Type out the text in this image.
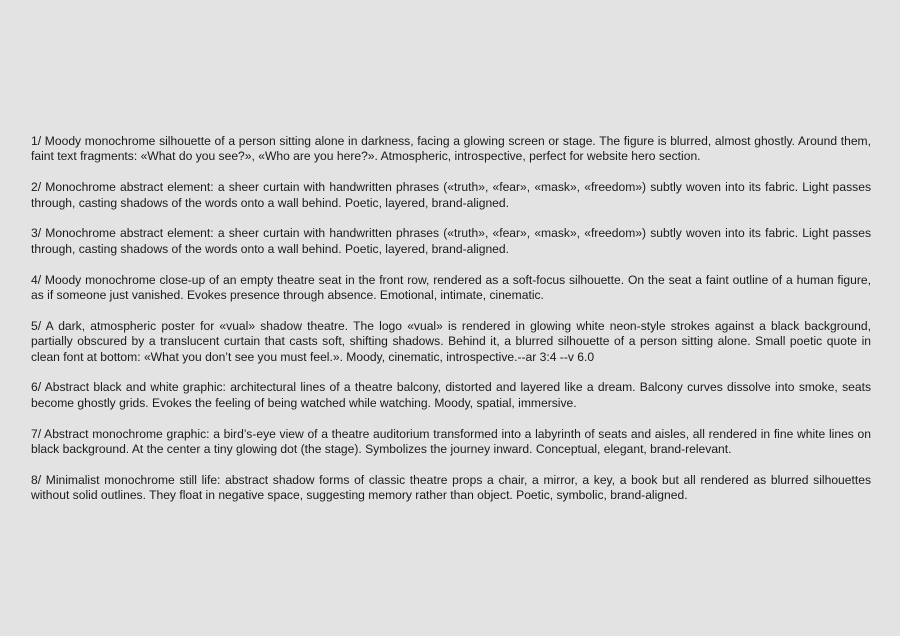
1/ Moody monochrome silhouette of a person sitting alone in darkness, facing a glowing screen or stage. The figure is blurred, almost ghostly. Around them, faint text fragments: «What do you see?», «Who are you here?». Atmospheric, introspective, perfect for website hero section.

2/ Monochrome abstract element: a sheer curtain with handwritten phrases («truth», «fear», «mask», «freedom») subtly woven into its fabric. Light passes through, casting shadows of the words onto a wall behind. Poetic, layered, brand-aligned.

3/ Monochrome abstract element: a sheer curtain with handwritten phrases («truth», «fear», «mask», «freedom») subtly woven into its fabric. Light passes through, casting shadows of the words onto a wall behind. Poetic, layered, brand-aligned.

4/ Moody monochrome close-up of an empty theatre seat in the front row, rendered as a soft-focus silhouette. On the seat a faint outline of a human figure, as if someone just vanished. Evokes presence through absence. Emotional, intimate, cinematic.

5/ A dark, atmospheric poster for «vual» shadow theatre. The logo «vual» is rendered in glowing white neon-style strokes against a black background, partially obscured by a translucent curtain that casts soft, shifting shadows. Behind it, a blurred silhouette of a person sitting alone. Small poetic quote in clean font at bottom: «What you don’t see you must feel.». Moody, cinematic, introspective.--ar 3:4 --v 6.0

6/ Abstract black and white graphic: architectural lines of a theatre balcony, distorted and layered like a dream. Balcony curves dissolve into smoke, seats become ghostly grids. Evokes the feeling of being watched while watching. Moody, spatial, immersive.

7/ Abstract monochrome graphic: a bird’s-eye view of a theatre auditorium transformed into a labyrinth of seats and aisles, all rendered in fine white lines on black background. At the center a tiny glowing dot (the stage). Symbolizes the journey inward. Conceptual, elegant, brand-relevant.

8/ Minimalist monochrome still life: abstract shadow forms of classic theatre props a chair, a mirror, a key, a book but all rendered as blurred silhouettes without solid outlines. They float in negative space, suggesting memory rather than object. Poetic, symbolic, brand-aligned.
